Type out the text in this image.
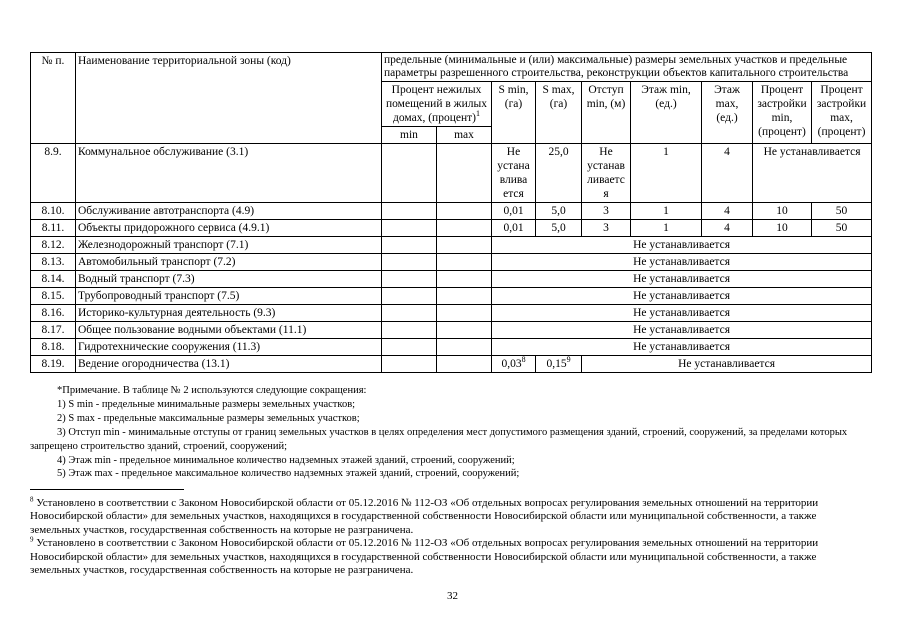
№ п.	Наименование территориальной зоны (код)	предельные (минимальные и (или) максимальные) размеры земельных участков и предельные параметры разрешенного строительства, реконструкции объектов капитального строительства								
		Процент нежилых помещений в жилых домах, (процент)$^1$		S min, (га)	S max, (га)	Отступ min, (м)	Этаж min, (ед.)	Этаж max, (ед.)	Процент застройки min, (процент)	Процент застройки max, (процент)
		min	max							
8.9.	Коммунальное обслуживание (3.1)			Не устана влива ется	25,0	Не устанав ливаетс я	1	4	Не устанавливается	
8.10.	Обслуживание автотранспорта (4.9)			0,01	5,0	3	1	4	10	50
8.11.	Объекты придорожного сервиса (4.9.1)			0,01	5,0	3	1	4	10	50
8.12.	Железнодорожный транспорт (7.1)			Не устанавливается						
8.13.	Автомобильный транспорт (7.2)			Не устанавливается						
8.14.	Водный транспорт (7.3)			Не устанавливается						
8.15.	Трубопроводный транспорт (7.5)			Не устанавливается						
8.16.	Историко-культурная деятельность (9.3)			Не устанавливается						
8.17.	Общее пользование водными объектами (11.1)			Не устанавливается						
8.18.	Гидротехнические сооружения (11.3)			Не устанавливается						
8.19.	Ведение огородничества (13.1)			0,03$^8$	0,15$^9$	Не устанавливается				

*Примечание. В таблице № 2 используются следующие сокращения:

1) S min - предельные минимальные размеры земельных участков;

2) S max - предельные максимальные размеры земельных участков;

3) Отступ min - минимальные отступы от границ земельных участков в целях определения мест допустимого размещения зданий, строений, сооружений, за пределами которых запрещено строительство зданий, строений, сооружений;

4) Этаж min - предельное минимальное количество надземных этажей зданий, строений, сооружений;

5) Этаж max - предельное максимальное количество надземных этажей зданий, строений, сооружений;

$^8$ Установлено в соответствии с Законом Новосибирской области от 05.12.2016 № 112-ОЗ «Об отдельных вопросах регулирования земельных отношений на территории Новосибирской области» для земельных участков, находящихся в государственной собственности Новосибирской области или муниципальной собственности, а также земельных участков, государственная собственность на которые не разграничена.

$^9$ Установлено в соответствии с Законом Новосибирской области от 05.12.2016 № 112-ОЗ «Об отдельных вопросах регулирования земельных отношений на территории Новосибирской области» для земельных участков, находящихся в государственной собственности Новосибирской области или муниципальной собственности, а также земельных участков, государственная собственность на которые не разграничена.

32
